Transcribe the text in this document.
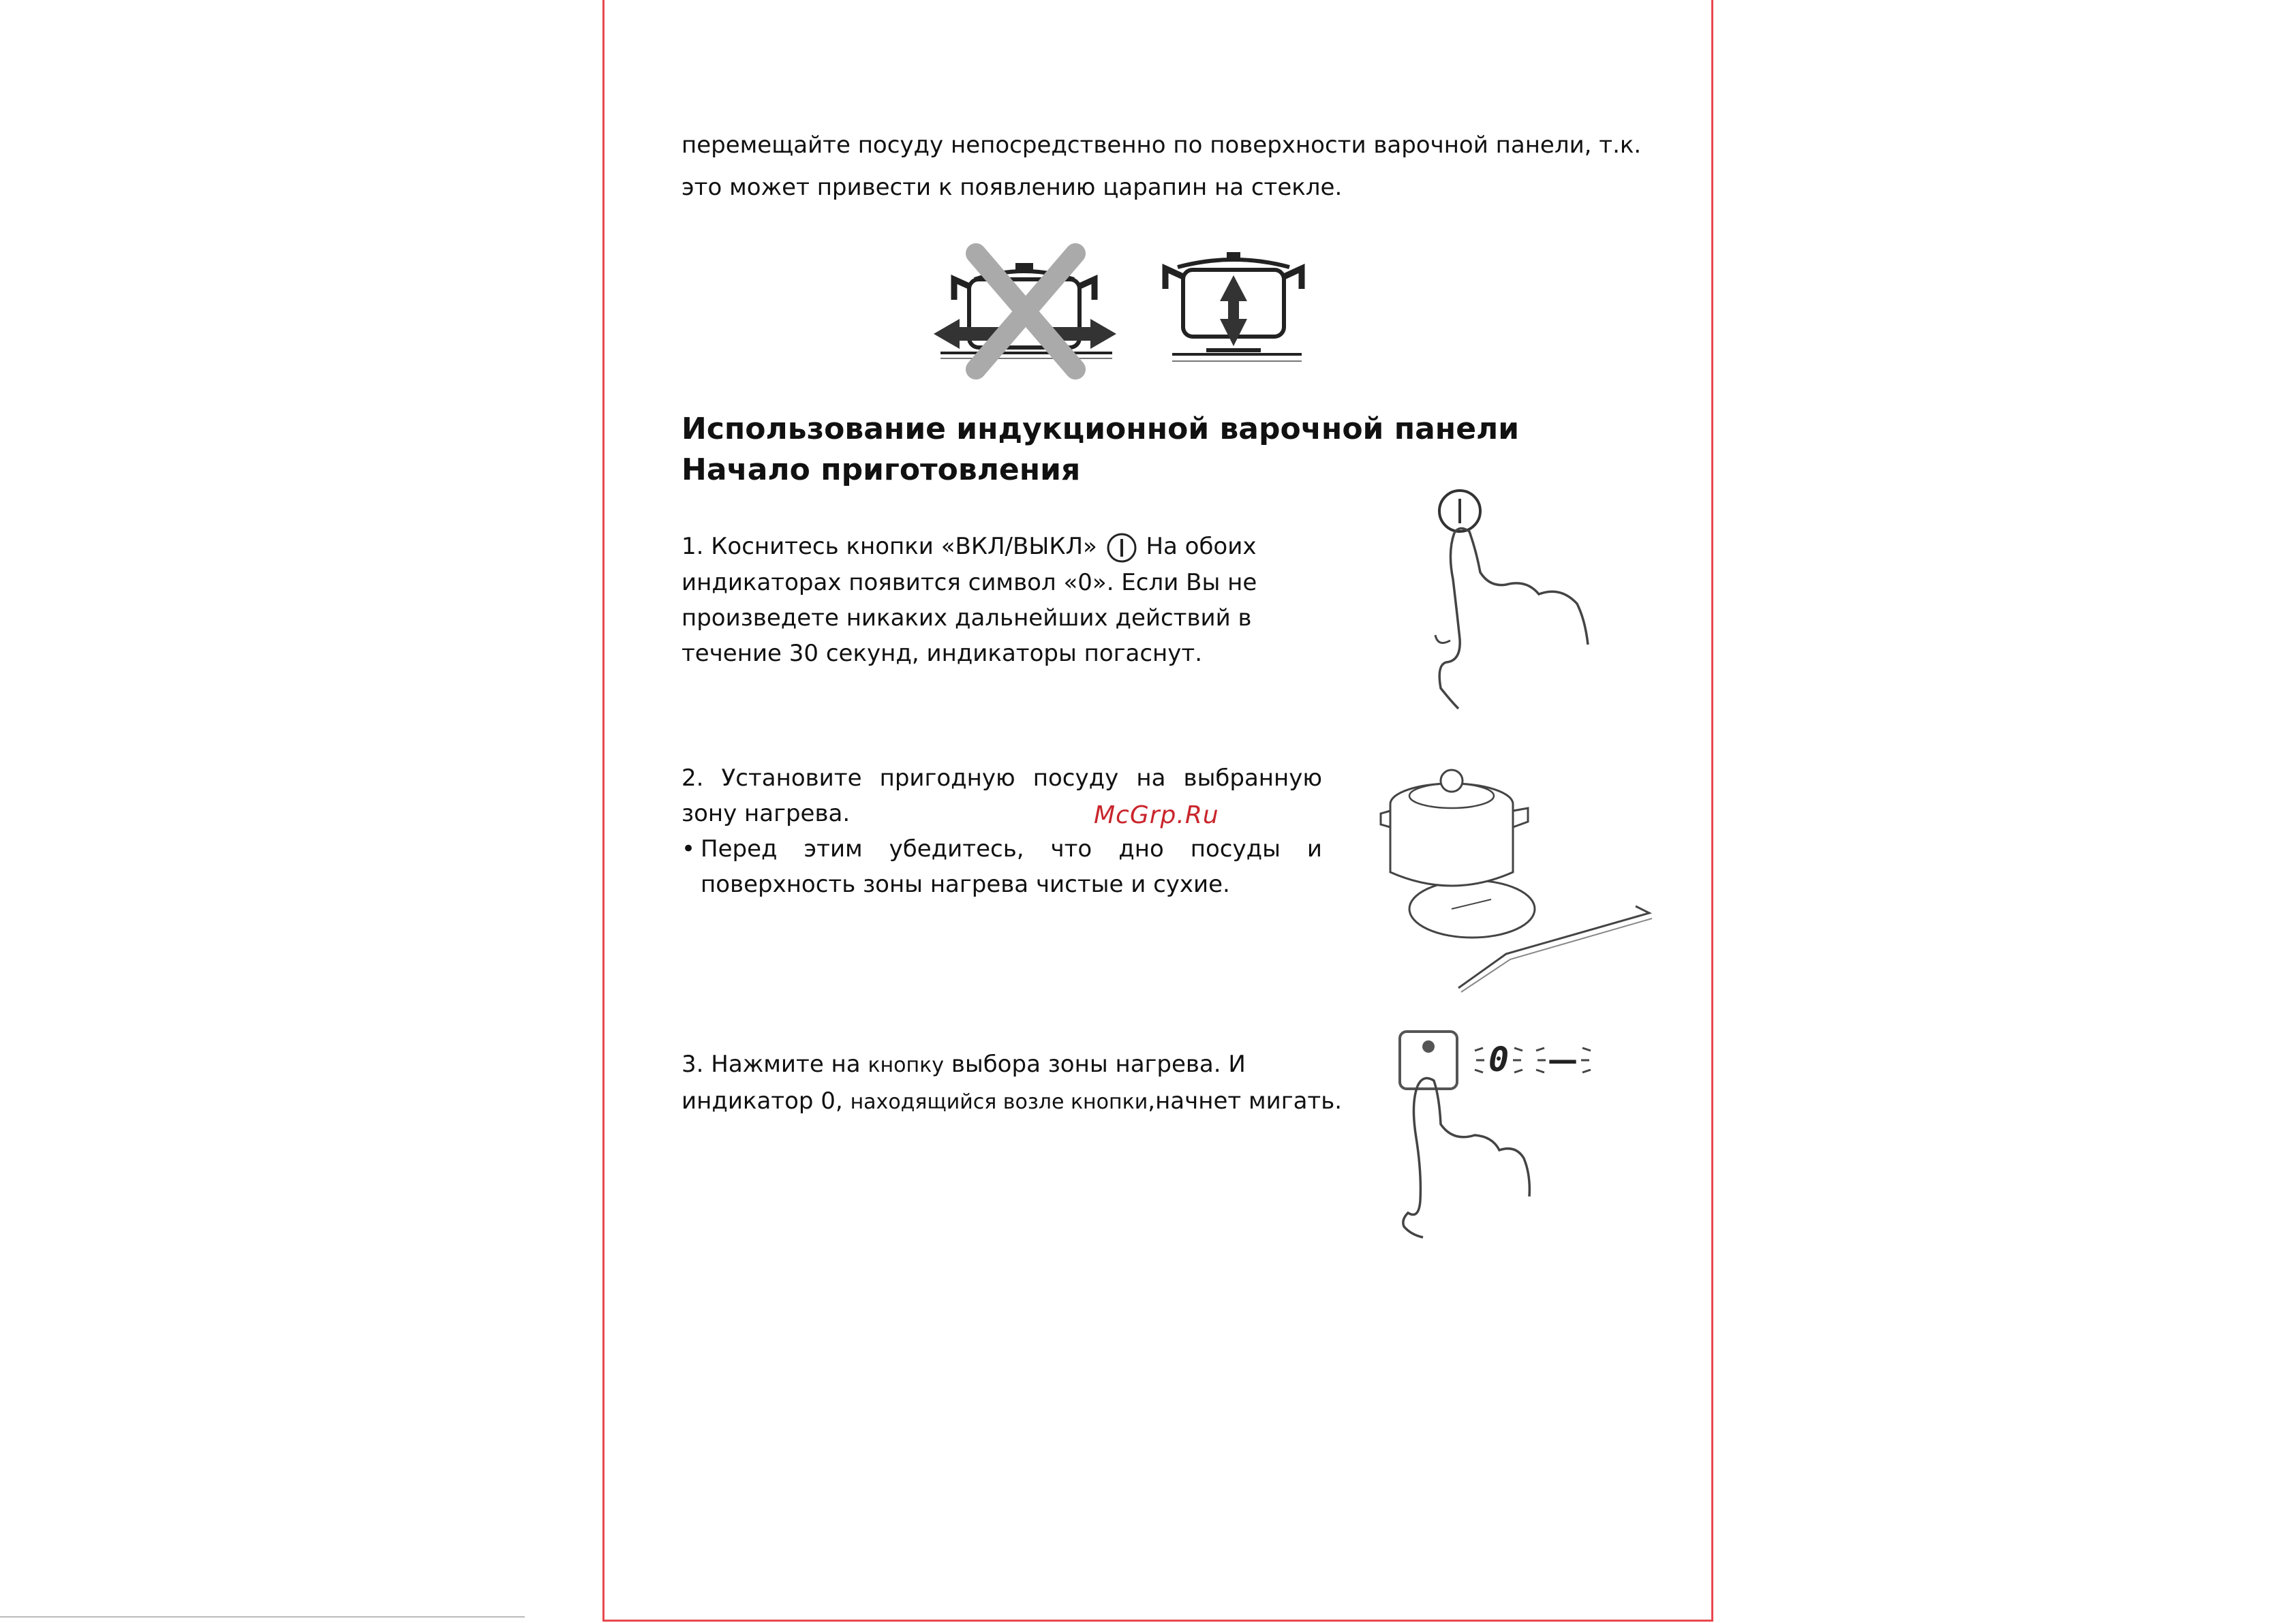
перемещайте посуду непосредственно по поверхности варочной панели, т.к.
это может привести к появлению царапин на стекле.
Использование индукционной варочной панели
Начало приготовления
1. Коснитесь кнопки «ВКЛ/ВЫКЛ» На обоих
индикаторах появится символ «0». Если Вы не
произведете никаких дальнейших действий в
течение 30 секунд, индикаторы погаснут.
2. Установите пригодную посуду на выбранную
зону нагрева.
• Перед этим убедитесь, что дно посуды и
поверхность зоны нагрева чистые и сухие.
McGrp.Ru
3. Нажмите на кнопку выбора зоны нагрева. И
индикатор 0, находящийся возле кнопки,начнет мигать.
0 —
